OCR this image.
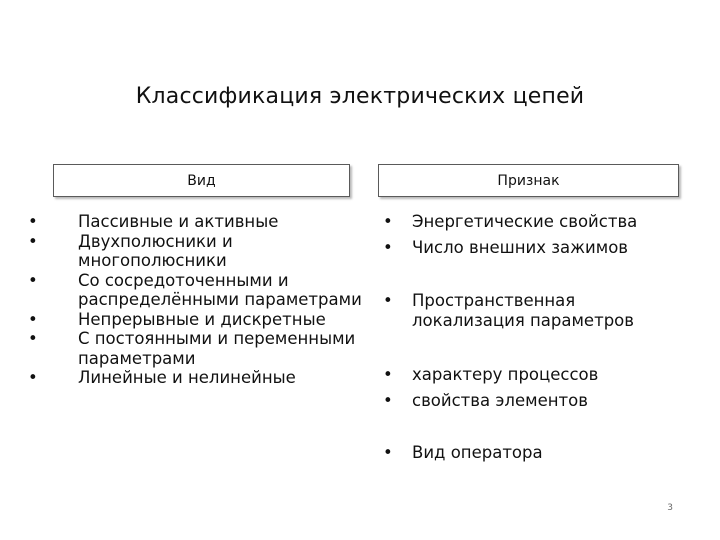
Классификация электрических цепей
Вид	Признак
• Пассивные и активные
• Двухполюсники и многополюсники
• Со сосредоточенными и распределёнными параметрами
• Непрерывные и дискретные
• С постоянными и переменными параметрами
• Линейные и нелинейные
• Энергетические свойства
• Число внешних зажимов
• Пространственная локализация параметров
• характеру процессов
• свойства элементов
• Вид оператора
3
